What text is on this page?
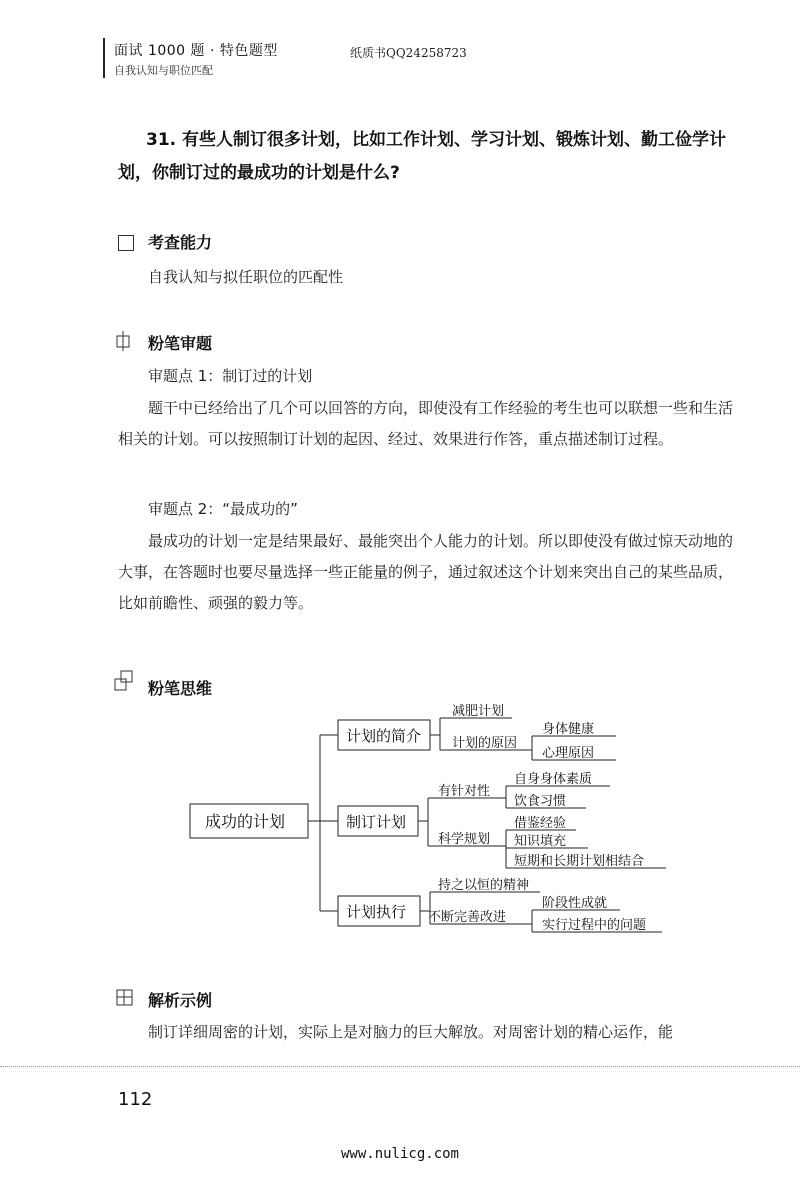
面试 1000 题 · 特色题型
自我认知与职位匹配
纸质书QQ24258723
31. 有些人制订很多计划，比如工作计划、学习计划、锻炼计划、勤工俭学计划，你制订过的最成功的计划是什么?
考查能力
自我认知与拟任职位的匹配性
粉笔审题
审题点 1：制订过的计划
题干中已经给出了几个可以回答的方向，即使没有工作经验的考生也可以联想一些和生活相关的计划。可以按照制订计划的起因、经过、效果进行作答，重点描述制订过程。
审题点 2：“最成功的”
最成功的计划一定是结果最好、最能突出个人能力的计划。所以即使没有做过惊天动地的大事，在答题时也要尽量选择一些正能量的例子，通过叙述这个计划来突出自己的某些品质，比如前瞻性、顽强的毅力等。
粉笔思维
成功的计划
计划的简介
制订计划
计划执行
减肥计划
计划的原因
身体健康
心理原因
有针对性
科学规划
自身身体素质
饮食习惯
借鉴经验
知识填充
短期和长期计划相结合
持之以恒的精神
不断完善改进
阶段性成就
实行过程中的问题
解析示例
制订详细周密的计划，实际上是对脑力的巨大解放。对周密计划的精心运作，能
112
www.nulicg.com
